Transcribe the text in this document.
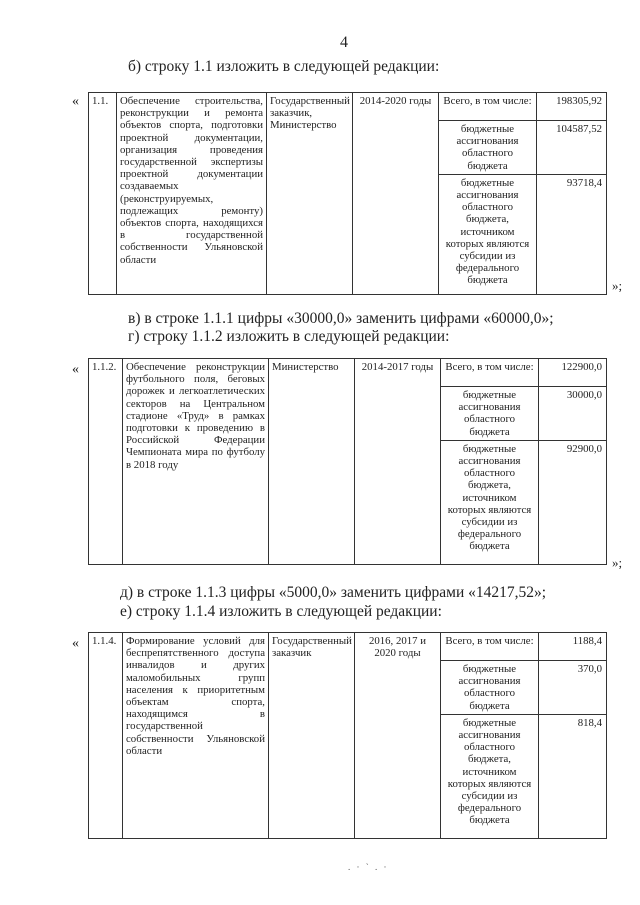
4
б) строку 1.1 изложить в следующей редакции:
« 1.1.	Обеспечение строительства, реконструкции и ремонта объектов спорта, подготовки проектной документации, организация проведения государственной экспертизы проектной документации создаваемых (реконструируемых, подлежащих ремонту) объектов спорта, находящихся в государственной собственности Ульяновской области	Государственный заказчик, Министерство	2014-2020 годы	Всего, в том числе:	198305,92
				бюджетные ассигнования областного бюджета	104587,52
				бюджетные ассигнования областного бюджета, источником которых являются субсидии из федерального бюджета	93718,4
»;
в) в строке 1.1.1 цифры «30000,0» заменить цифрами «60000,0»;
г) строку 1.1.2 изложить в следующей редакции:
« 1.1.2.	Обеспечение реконструкции футбольного поля, беговых дорожек и легкоатлетических секторов на Центральном стадионе «Труд» в рамках подготовки к проведению в Российской Федерации Чемпионата мира по футболу в 2018 году	Министерство	2014-2017 годы	Всего, в том числе:	122900,0
				бюджетные ассигнования областного бюджета	30000,0
				бюджетные ассигнования областного бюджета, источником которых являются субсидии из федерального бюджета	92900,0
»;
д) в строке 1.1.3 цифры «5000,0» заменить цифрами «14217,52»;
е) строку 1.1.4 изложить в следующей редакции:
« 1.1.4.	Формирование условий для беспрепятственного доступа инвалидов и других маломобильных групп населения к приоритетным объектам спорта, находящимся в государственной собственности Ульяновской области	Государственный заказчик	2016, 2017 и 2020 годы	Всего, в том числе:	1188,4
				бюджетные ассигнования областного бюджета	370,0
				бюджетные ассигнования областного бюджета, источником которых являются субсидии из федерального бюджета	818,4
. · ` . ·
